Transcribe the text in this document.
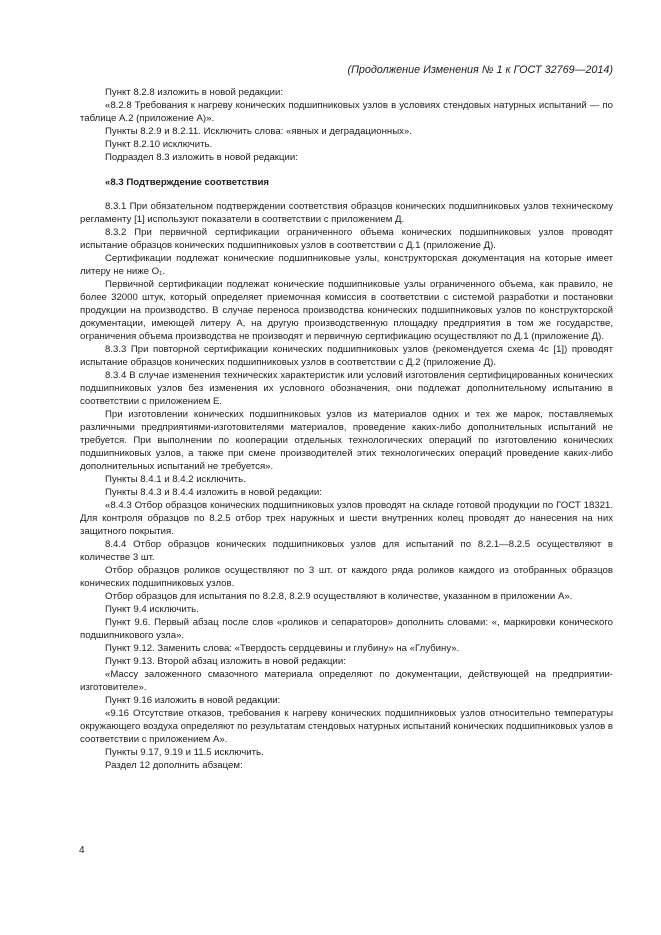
(Продолжение Изменения № 1 к ГОСТ 32769—2014)

Пункт 8.2.8 изложить в новой редакции:

«8.2.8 Требования к нагреву конических подшипниковых узлов в условиях стендовых натурных испытаний — по таблице А.2 (приложение А)».

Пункты 8.2.9 и 8.2.11. Исключить слова: «явных и деградационных».

Пункт 8.2.10 исключить.

Подраздел 8.3 изложить в новой редакции:

«8.3 Подтверждение соответствия

8.3.1 При обязательном подтверждении соответствия образцов конических подшипниковых узлов техническому регламенту [1] используют показатели в соответствии с приложением Д.

8.3.2 При первичной сертификации ограниченного объема конических подшипниковых узлов проводят испытание образцов конических подшипниковых узлов в соответствии с Д.1 (приложение Д).

Сертификации подлежат конические подшипниковые узлы, конструкторская документация на которые имеет литеру не ниже О₁.

Первичной сертификации подлежат конические подшипниковые узлы ограниченного объема, как правило, не более 32000 штук, который определяет приемочная комиссия в соответствии с системой разработки и постановки продукции на производство. В случае переноса производства конических подшипниковых узлов по конструкторской документации, имеющей литеру А, на другую производственную площадку предприятия в том же государстве, ограничения объема производства не производят и первичную сертификацию осуществляют по Д.1 (приложение Д).

8.3.3 При повторной сертификации конических подшипниковых узлов (рекомендуется схема 4с [1]) проводят испытание образцов конических подшипниковых узлов в соответствии с Д.2 (приложение Д).

8.3.4 В случае изменения технических характеристик или условий изготовления сертифицированных конических подшипниковых узлов без изменения их условного обозначения, они подлежат дополнительному испытанию в соответствии с приложением Е.

При изготовлении конических подшипниковых узлов из материалов одних и тех же марок, поставляемых различными предприятиями-изготовителями материалов, проведение каких-либо дополнительных испытаний не требуется. При выполнении по кооперации отдельных технологических операций по изготовлению конических подшипниковых узлов, а также при смене производителей этих технологических операций проведение каких-либо дополнительных испытаний не требуется».

Пункты 8.4.1 и 8.4.2 исключить.

Пункты 8.4.3 и 8.4.4 изложить в новой редакции:

«8.4.3 Отбор образцов конических подшипниковых узлов проводят на складе готовой продукции по ГОСТ 18321. Для контроля образцов по 8.2.5 отбор трех наружных и шести внутренних колец проводят до нанесения на них защитного покрытия.

8.4.4 Отбор образцов конических подшипниковых узлов для испытаний по 8.2.1—8.2.5 осуществляют в количестве 3 шт.

Отбор образцов роликов осуществляют по 3 шт. от каждого ряда роликов каждого из отобранных образцов конических подшипниковых узлов.

Отбор образцов для испытания по 8.2.8, 8.2.9 осуществляют в количестве, указанном в приложении А».

Пункт 9.4 исключить.

Пункт 9.6. Первый абзац после слов «роликов и сепараторов» дополнить словами: «, маркировки конического подшипникового узла».

Пункт 9.12. Заменить слова: «Твердость сердцевины и глубину» на «Глубину».

Пункт 9.13. Второй абзац изложить в новой редакции:

«Массу заложенного смазочного материала определяют по документации, действующей на предприятии-изготовителе».

Пункт 9.16 изложить в новой редакции:

«9.16 Отсутствие отказов, требования к нагреву конических подшипниковых узлов относительно температуры окружающего воздуха определяют по результатам стендовых натурных испытаний конических подшипниковых узлов в соответствии с приложением А».

Пункты 9.17, 9.19 и 11.5 исключить.

Раздел 12 дополнить абзацем:

4
